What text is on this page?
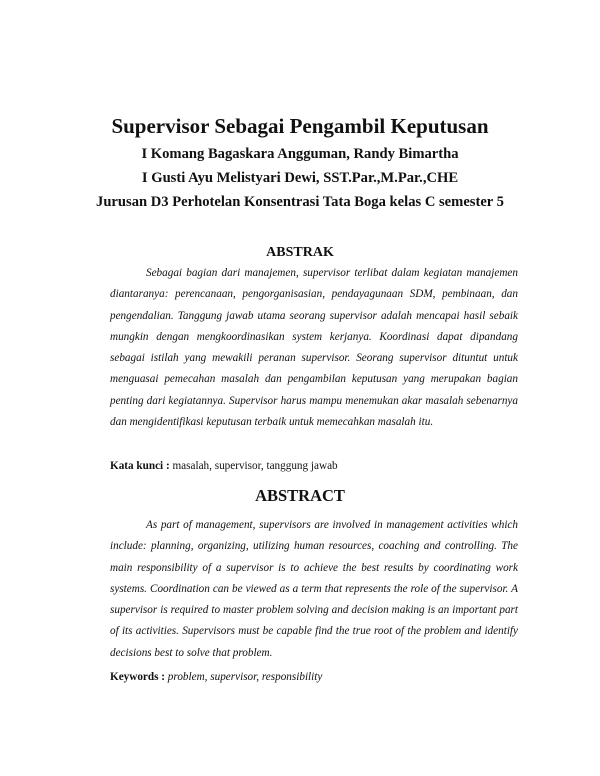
Supervisor Sebagai Pengambil Keputusan

I Komang Bagaskara Angguman, Randy Bimartha

I Gusti Ayu Melistyari Dewi, SST.Par.,M.Par.,CHE

Jurusan D3 Perhotelan Konsentrasi Tata Boga kelas C semester 5

ABSTRAK

Sebagai bagian dari manajemen, supervisor terlibat dalam kegiatan manajemen diantaranya: perencanaan, pengorganisasian, pendayagunaan SDM, pembinaan, dan pengendalian. Tanggung jawab utama seorang supervisor adalah mencapai hasil sebaik mungkin dengan mengkoordinasikan system kerjanya. Koordinasi dapat dipandang sebagai istilah yang mewakili peranan supervisor. Seorang supervisor dituntut untuk menguasai pemecahan masalah dan pengambilan keputusan yang merupakan bagian penting dari kegiatannya. Supervisor harus mampu menemukan akar masalah sebenarnya dan mengidentifikasi keputusan terbaik untuk memecahkan masalah itu.

Kata kunci : masalah, supervisor, tanggung jawab

ABSTRACT

As part of management, supervisors are involved in management activities which include: planning, organizing, utilizing human resources, coaching and controlling. The main responsibility of a supervisor is to achieve the best results by coordinating work systems. Coordination can be viewed as a term that represents the role of the supervisor. A supervisor is required to master problem solving and decision making is an important part of its activities. Supervisors must be capable find the true root of the problem and identify decisions best to solve that problem.

Keywords : problem, supervisor, responsibility
